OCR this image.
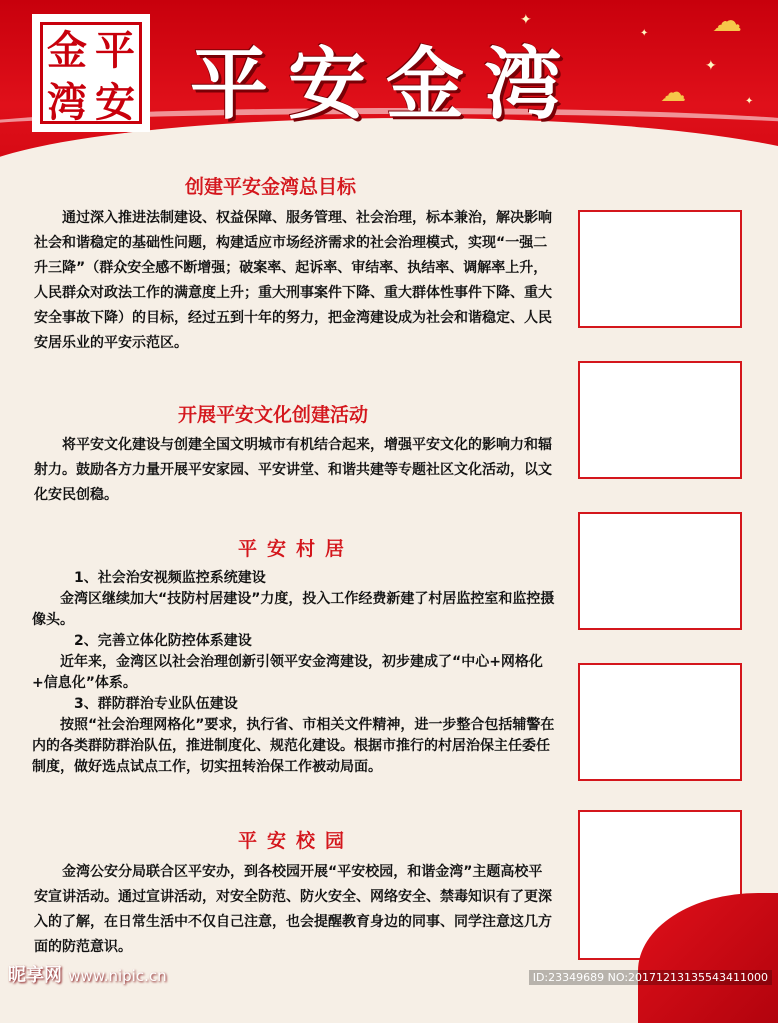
✦
✦
✦
✦
☁
☁
金 平
湾 安 平安金湾
创建平安金湾总目标

通过深入推进法制建设、权益保障、服务管理、社会治理，标本兼治，解决影响社会和谐稳定的基础性问题，构建适应市场经济需求的社会治理模式，实现“一强二升三降”（群众安全感不断增强；破案率、起诉率、审结率、执结率、调解率上升，人民群众对政法工作的满意度上升；重大刑事案件下降、重大群体性事件下降、重大安全事故下降）的目标，经过五到十年的努力，把金湾建设成为社会和谐稳定、人民安居乐业的平安示范区。

开展平安文化创建活动

将平安文化建设与创建全国文明城市有机结合起来，增强平安文化的影响力和辐射力。鼓励各方力量开展平安家园、平安讲堂、和谐共建等专题社区文化活动，以文化安民创稳。

平安村居

1、社会治安视频监控系统建设

金湾区继续加大“技防村居建设”力度，投入工作经费新建了村居监控室和监控摄像头。

2、完善立体化防控体系建设

近年来，金湾区以社会治理创新引领平安金湾建设，初步建成了“中心+网格化+信息化”体系。

3、群防群治专业队伍建设

按照“社会治理网格化”要求，执行省、市相关文件精神，进一步整合包括辅警在内的各类群防群治队伍，推进制度化、规范化建设。根据市推行的村居治保主任委任制度，做好选点试点工作，切实扭转治保工作被动局面。

平安校园

金湾公安分局联合区平安办，到各校园开展“平安校园，和谐金湾”主题高校平安宣讲活动。通过宣讲活动，对安全防范、防火安全、网络安全、禁毒知识有了更深入的了解，在日常生活中不仅自己注意，也会提醒教育身边的同事、同学注意这几方面的防范意识。

昵享网 www.nipic.cn	ID:23349689 NO:20171213135543411000
